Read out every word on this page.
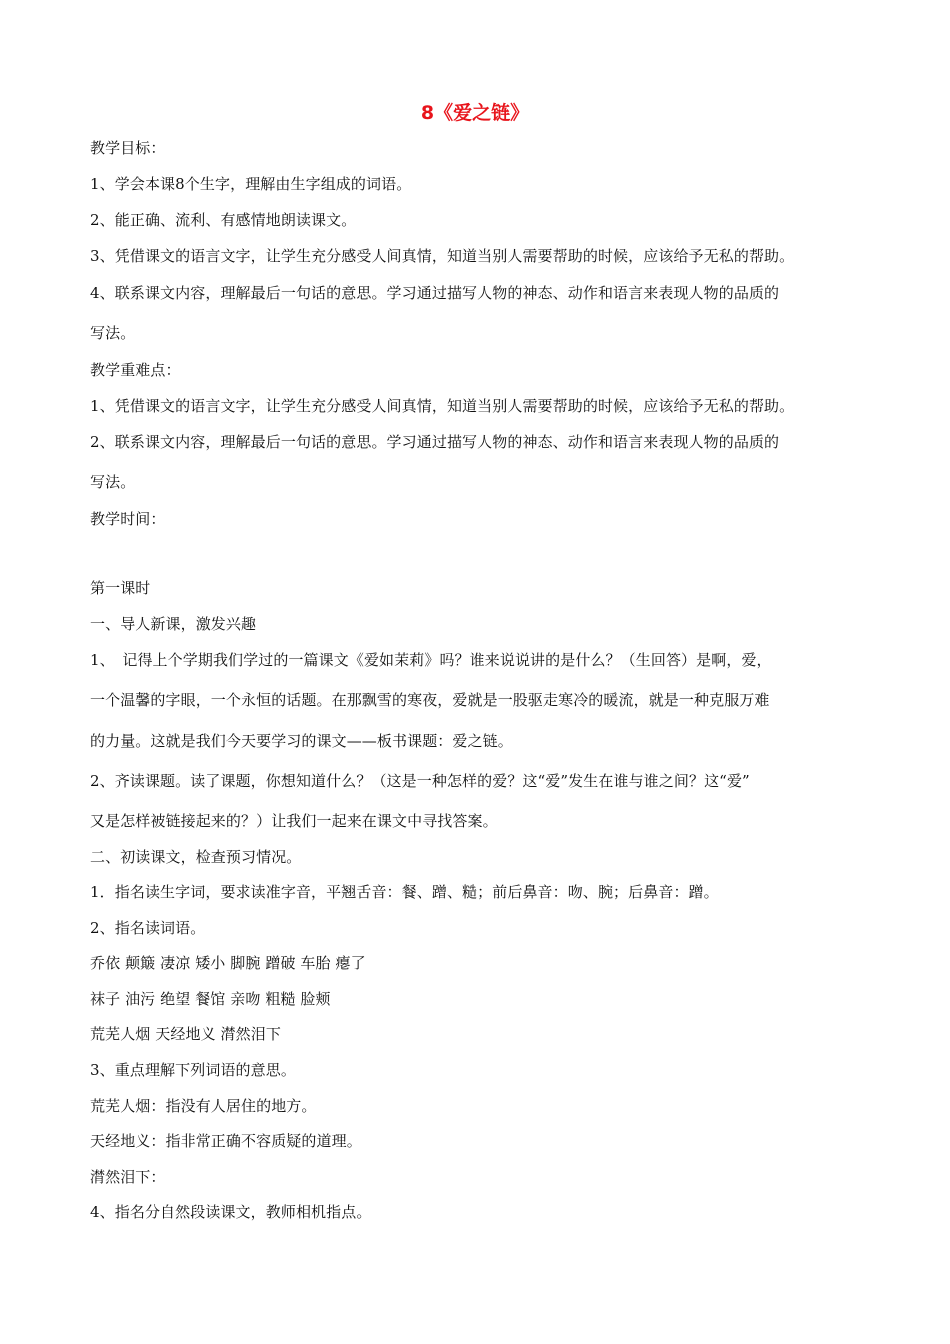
8《爱之链》
教学目标：
1、学会本课8个生字，理解由生字组成的词语。
2、能正确、流利、有感情地朗读课文。
3、凭借课文的语言文字，让学生充分感受人间真情，知道当别人需要帮助的时候，应该给予无私的帮助。
4、联系课文内容，理解最后一句话的意思。学习通过描写人物的神态、动作和语言来表现人物的品质的
写法。
教学重难点：
1、凭借课文的语言文字，让学生充分感受人间真情，知道当别人需要帮助的时候，应该给予无私的帮助。
2、联系课文内容，理解最后一句话的意思。学习通过描写人物的神态、动作和语言来表现人物的品质的
写法。
教学时间：
第一课时
一、导人新课，激发兴趣
1、　记得上个学期我们学过的一篇课文《爱如茉莉》吗？谁来说说讲的是什么？（生回答）是啊，爱，
一个温馨的字眼，一个永恒的话题。在那飘雪的寒夜，爱就是一股驱走寒冷的暖流，就是一种克服万难
的力量。这就是我们今天要学习的课文——板书课题：爱之链。
2、齐读课题。读了课题，你想知道什么？（这是一种怎样的爱？这“爱”发生在谁与谁之间？这“爱”
又是怎样被链接起来的？）让我们一起来在课文中寻找答案。
二、初读课文，检查预习情况。
1．指名读生字词，要求读准字音，平翘舌音：餐、蹭、糙；前后鼻音：吻、腕；后鼻音：蹭。
2、指名读词语。
乔依 颠簸 凄凉 矮小 脚腕 蹭破 车胎 瘪了
袜子 油污 绝望 餐馆 亲吻 粗糙 脸颊
荒芜人烟 天经地义 潸然泪下
3、重点理解下列词语的意思。
荒芜人烟：指没有人居住的地方。
天经地义：指非常正确不容质疑的道理。
潸然泪下：
4、指名分自然段读课文，教师相机指点。
